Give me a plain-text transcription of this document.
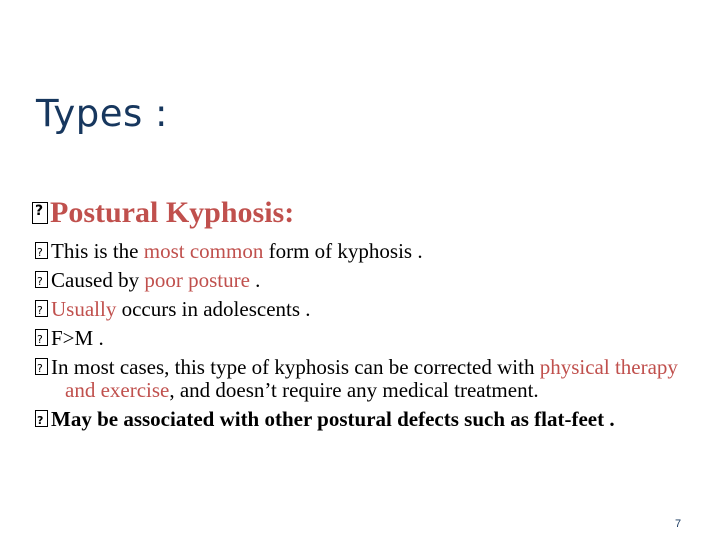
Types :
?Postural Kyphosis:
?This is the most common form of kyphosis .
?Caused by poor posture .
?Usually occurs in adolescents .
?F>M .
?In most cases, this type of kyphosis can be corrected with physical therapy and exercise, and doesn’t require any medical treatment.
?May be associated with other postural defects such as flat-feet .
7
